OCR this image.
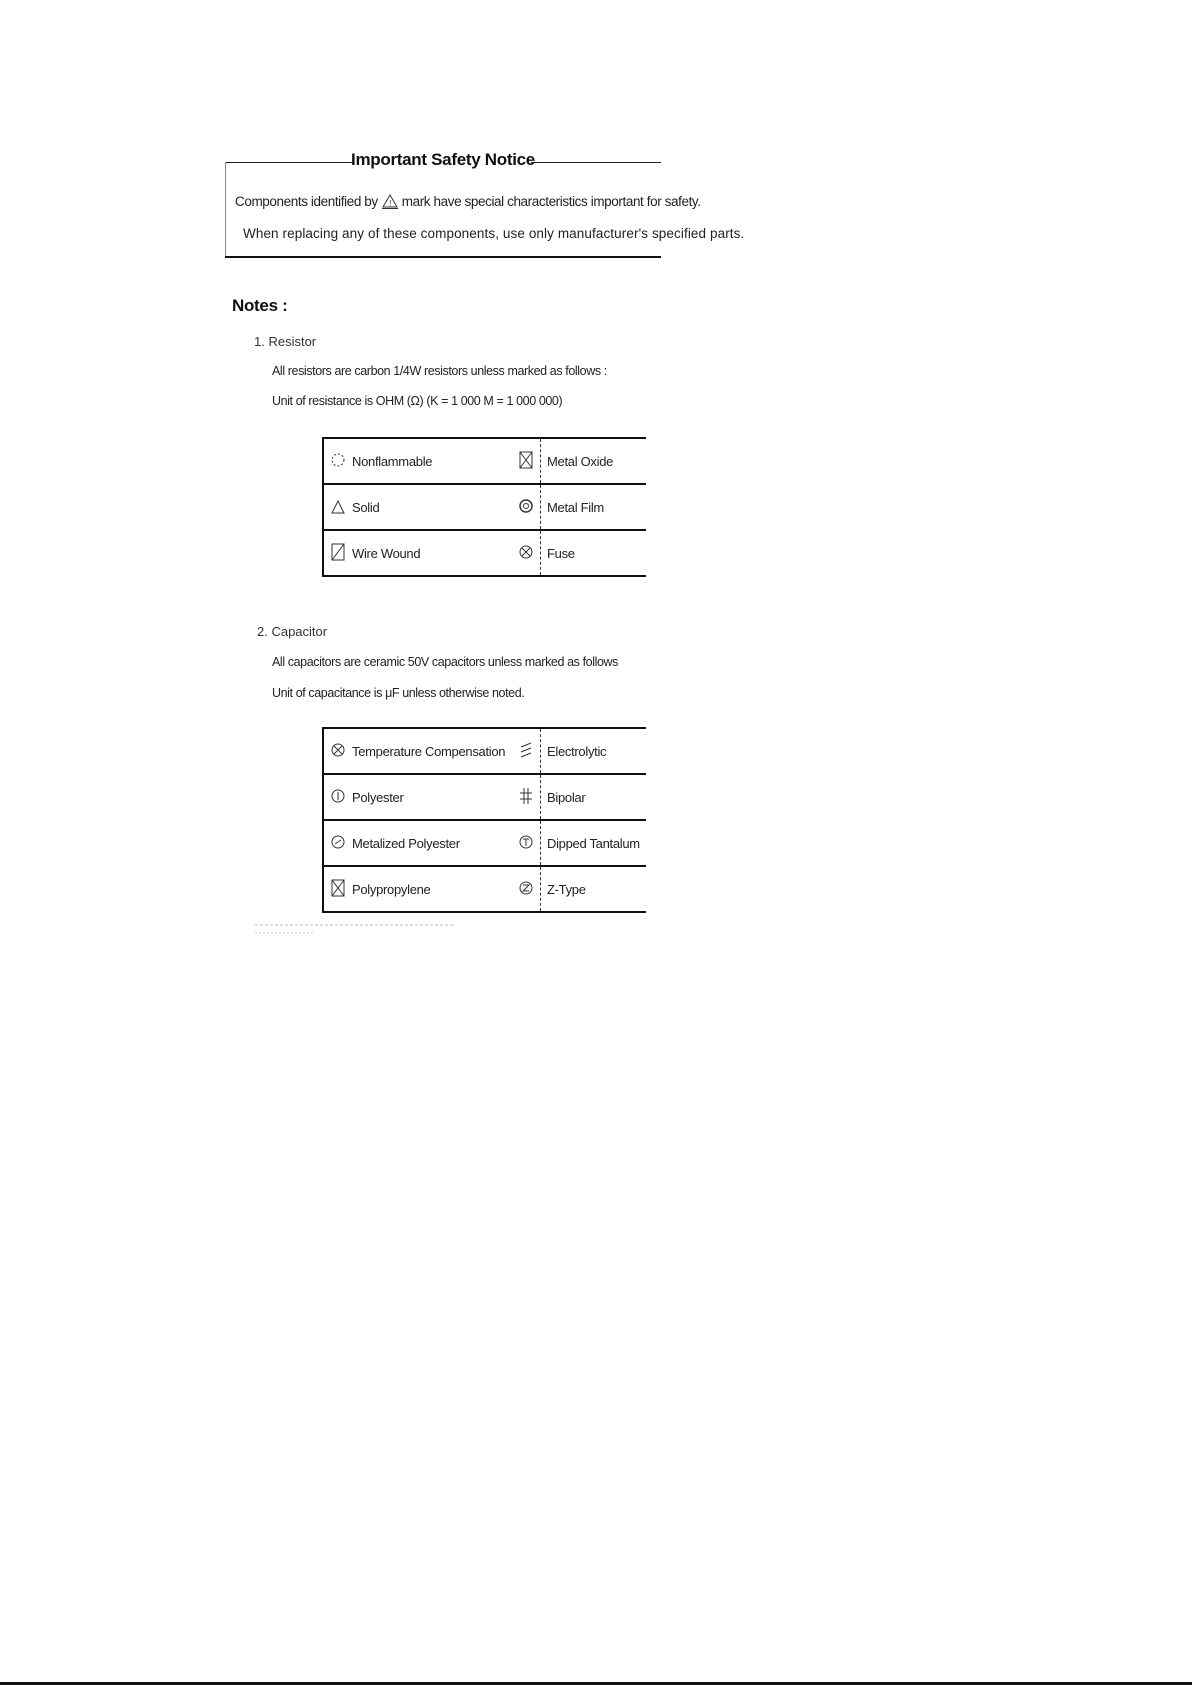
Important Safety Notice
Components identified by ! mark have special characteristics important for safety.
When replacing any of these components, use only manufacturer's specified parts.
Notes :
1. Resistor
All resistors are carbon 1/4W resistors unless marked as follows :
Unit of resistance is OHM (Ω) (K = 1 000 M = 1 000 000)
	Nonflammable		Metal Oxide
	Solid		Metal Film
	Wire Wound		Fuse
2. Capacitor
All capacitors are ceramic 50V capacitors unless marked as follows
Unit of capacitance is μF unless otherwise noted.
	Temperature Compensation		Electrolytic
	Polyester		Bipolar
	Metalized Polyester		Dipped Tantalum
	Polypropylene		Z-Type
